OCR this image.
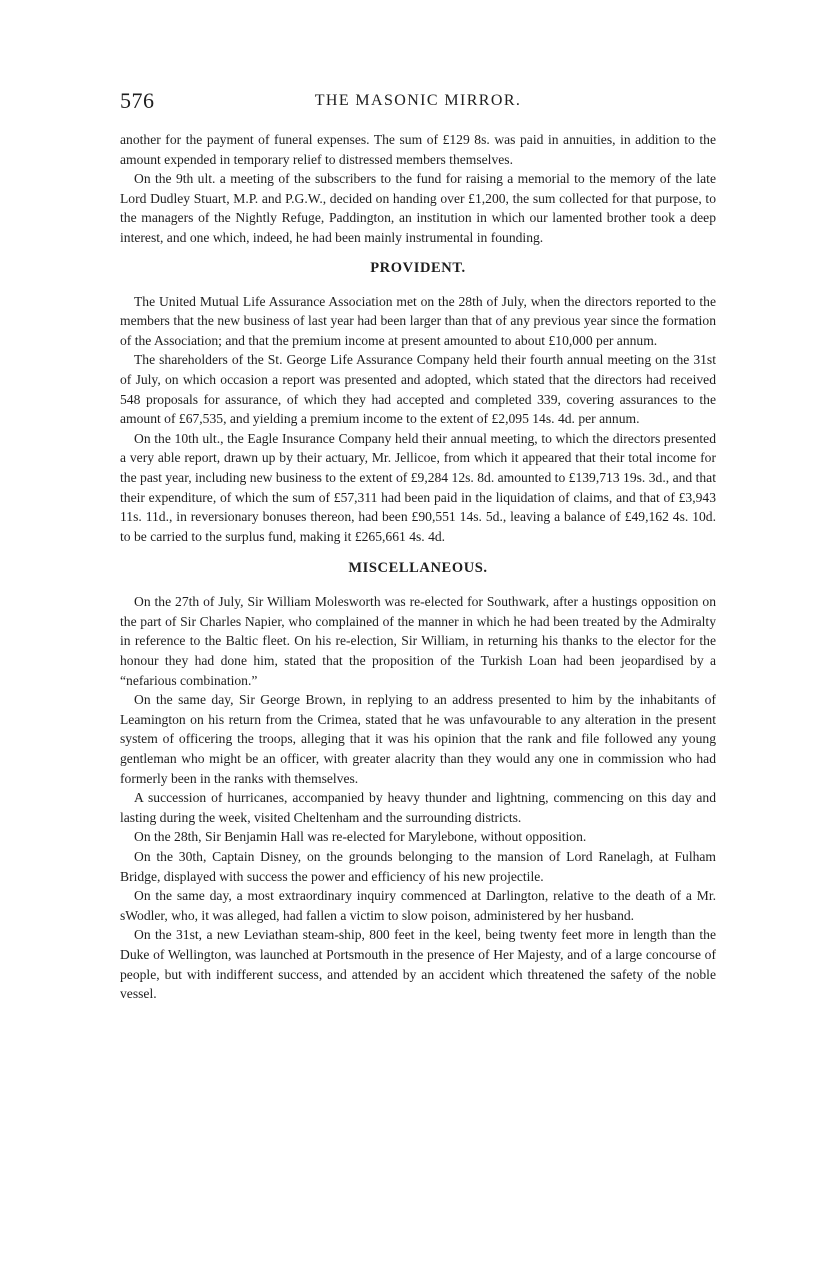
576	THE MASONIC MIRROR.

another for the payment of funeral expenses. The sum of £129 8s. was paid in annuities, in addition to the amount expended in temporary relief to distressed members themselves.

On the 9th ult. a meeting of the subscribers to the fund for raising a memorial to the memory of the late Lord Dudley Stuart, M.P. and P.G.W., decided on handing over £1,200, the sum collected for that purpose, to the managers of the Nightly Refuge, Paddington, an institution in which our lamented brother took a deep interest, and one which, indeed, he had been mainly instrumental in founding.

PROVIDENT.

The United Mutual Life Assurance Association met on the 28th of July, when the directors reported to the members that the new business of last year had been larger than that of any previous year since the formation of the Association; and that the premium income at present amounted to about £10,000 per annum.

The shareholders of the St. George Life Assurance Company held their fourth annual meeting on the 31st of July, on which occasion a report was presented and adopted, which stated that the directors had received 548 proposals for assurance, of which they had accepted and completed 339, covering assurances to the amount of £67,535, and yielding a premium income to the extent of £2,095 14s. 4d. per annum.

On the 10th ult., the Eagle Insurance Company held their annual meeting, to which the directors presented a very able report, drawn up by their actuary, Mr. Jellicoe, from which it appeared that their total income for the past year, including new business to the extent of £9,284 12s. 8d. amounted to £139,713 19s. 3d., and that their expenditure, of which the sum of £57,311 had been paid in the liquidation of claims, and that of £3,943 11s. 11d., in reversionary bonuses thereon, had been £90,551 14s. 5d., leaving a balance of £49,162 4s. 10d. to be carried to the surplus fund, making it £265,661 4s. 4d.

MISCELLANEOUS.

On the 27th of July, Sir William Molesworth was re-elected for Southwark, after a hustings opposition on the part of Sir Charles Napier, who complained of the manner in which he had been treated by the Admiralty in reference to the Baltic fleet. On his re-election, Sir William, in returning his thanks to the elector for the honour they had done him, stated that the proposition of the Turkish Loan had been jeopardised by a “nefarious combination.”

On the same day, Sir George Brown, in replying to an address presented to him by the inhabitants of Leamington on his return from the Crimea, stated that he was unfavourable to any alteration in the present system of officering the troops, alleging that it was his opinion that the rank and file followed any young gentleman who might be an officer, with greater alacrity than they would any one in commission who had formerly been in the ranks with themselves.

A succession of hurricanes, accompanied by heavy thunder and lightning, commencing on this day and lasting during the week, visited Cheltenham and the surrounding districts.

On the 28th, Sir Benjamin Hall was re-elected for Marylebone, without opposition.

On the 30th, Captain Disney, on the grounds belonging to the mansion of Lord Ranelagh, at Fulham Bridge, displayed with success the power and efficiency of his new projectile.

On the same day, a most extraordinary inquiry commenced at Darlington, relative to the death of a Mr. sWodler, who, it was alleged, had fallen a victim to slow poison, administered by her husband.

On the 31st, a new Leviathan steam-ship, 800 feet in the keel, being twenty feet more in length than the Duke of Wellington, was launched at Portsmouth in the presence of Her Majesty, and of a large concourse of people, but with indifferent success, and attended by an accident which threatened the safety of the noble vessel.
